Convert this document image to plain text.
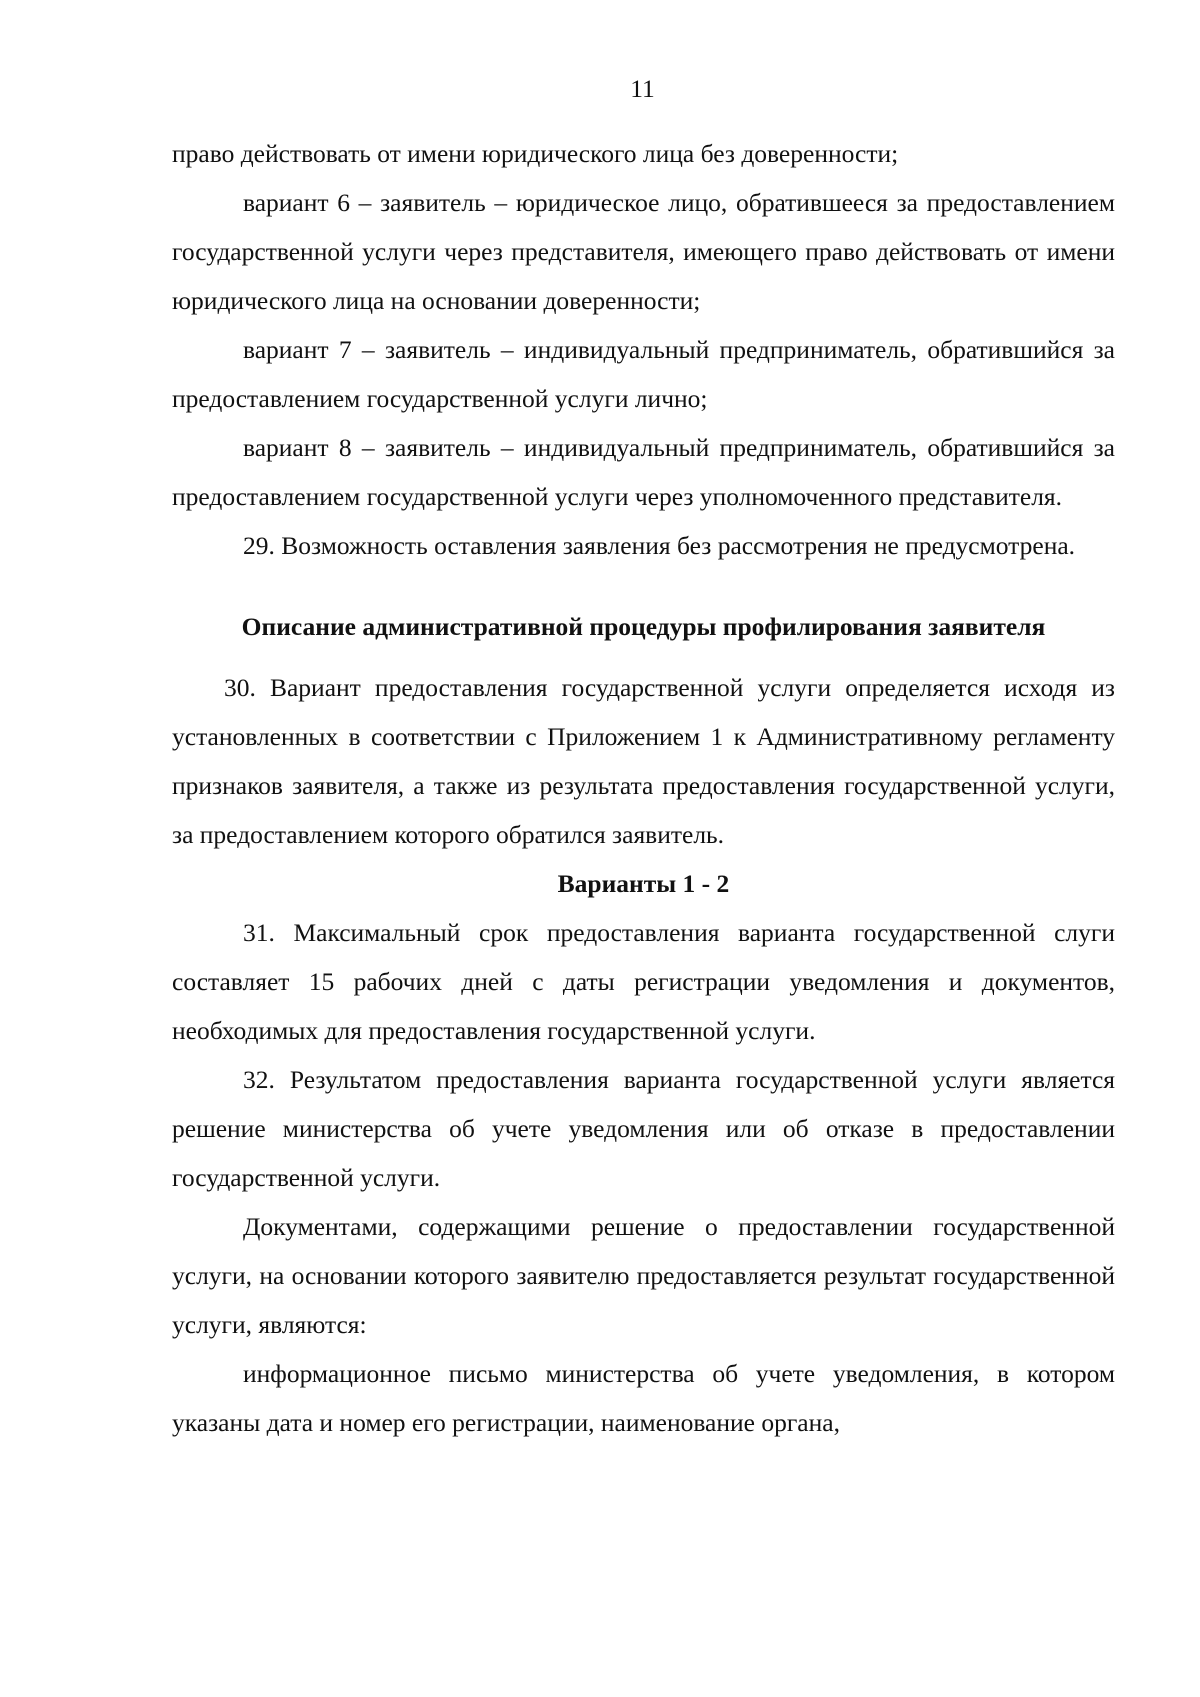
11

право действовать от имени юридического лица без доверенности;

вариант 6 – заявитель – юридическое лицо, обратившееся за предоставлением государственной услуги через представителя, имеющего право действовать от имени юридического лица на основании доверенности;

вариант 7 – заявитель – индивидуальный предприниматель, обратившийся за предоставлением государственной услуги лично;

вариант 8 – заявитель – индивидуальный предприниматель, обратившийся за предоставлением государственной услуги через уполномоченного представителя.

29. Возможность оставления заявления без рассмотрения не предусмотрена.

Описание административной процедуры профилирования заявителя

30. Вариант предоставления государственной услуги определяется исходя из установленных в соответствии с Приложением 1 к Административному регламенту признаков заявителя, а также из результата предоставления государственной услуги, за предоставлением которого обратился заявитель.

Варианты 1 - 2

31. Максимальный срок предоставления варианта государственной слуги составляет 15 рабочих дней с даты регистрации уведомления и документов, необходимых для предоставления государственной услуги.

32. Результатом предоставления варианта государственной услуги является решение министерства об учете уведомления или об отказе в предоставлении государственной услуги.

Документами, содержащими решение о предоставлении государственной услуги, на основании которого заявителю предоставляется результат государственной услуги, являются:

информационное письмо министерства об учете уведомления, в котором указаны дата и номер его регистрации, наименование органа,
